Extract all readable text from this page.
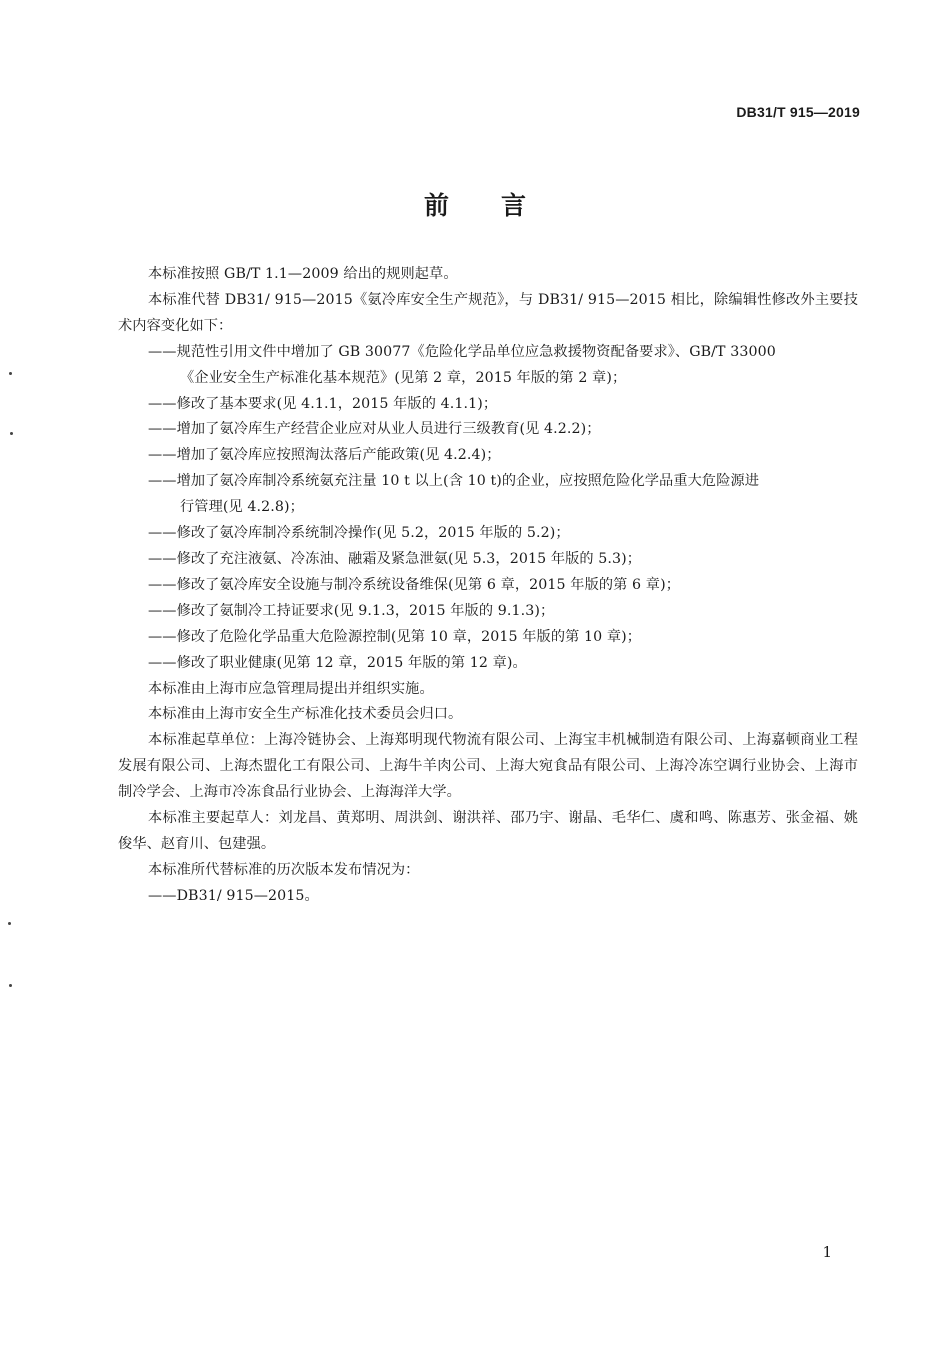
DB31/T 915—2019
前 言

本标准按照 GB/T 1.1—2009 给出的规则起草。

本标准代替 DB31/ 915—2015《氨冷库安全生产规范》，与 DB31/ 915—2015 相比，除编辑性修改外主要技术内容变化如下：

——规范性引用文件中增加了 GB 30077《危险化学品单位应急救援物资配备要求》、GB/T 33000
《企业安全生产标准化基本规范》(见第 2 章，2015 年版的第 2 章)；
——修改了基本要求(见 4.1.1，2015 年版的 4.1.1)；
——增加了氨冷库生产经营企业应对从业人员进行三级教育(见 4.2.2)；
——增加了氨冷库应按照淘汰落后产能政策(见 4.2.4)；
——增加了氨冷库制冷系统氨充注量 10 t 以上(含 10 t)的企业，应按照危险化学品重大危险源进
行管理(见 4.2.8)；
——修改了氨冷库制冷系统制冷操作(见 5.2，2015 年版的 5.2)；
——修改了充注液氨、冷冻油、融霜及紧急泄氨(见 5.3，2015 年版的 5.3)；
——修改了氨冷库安全设施与制冷系统设备维保(见第 6 章，2015 年版的第 6 章)；
——修改了氨制冷工持证要求(见 9.1.3，2015 年版的 9.1.3)；
——修改了危险化学品重大危险源控制(见第 10 章，2015 年版的第 10 章)；
——修改了职业健康(见第 12 章，2015 年版的第 12 章)。

本标准由上海市应急管理局提出并组织实施。

本标准由上海市安全生产标准化技术委员会归口。

本标准起草单位：上海冷链协会、上海郑明现代物流有限公司、上海宝丰机械制造有限公司、上海嘉顿商业工程发展有限公司、上海杰盟化工有限公司、上海牛羊肉公司、上海大宛食品有限公司、上海冷冻空调行业协会、上海市制冷学会、上海市冷冻食品行业协会、上海海洋大学。

本标准主要起草人：刘龙昌、黄郑明、周洪剑、谢洪祥、邵乃宇、谢晶、毛华仁、虞和鸣、陈惠芳、张金福、姚俊华、赵育川、包建强。

本标准所代替标准的历次版本发布情况为：

——DB31/ 915—2015。
1
